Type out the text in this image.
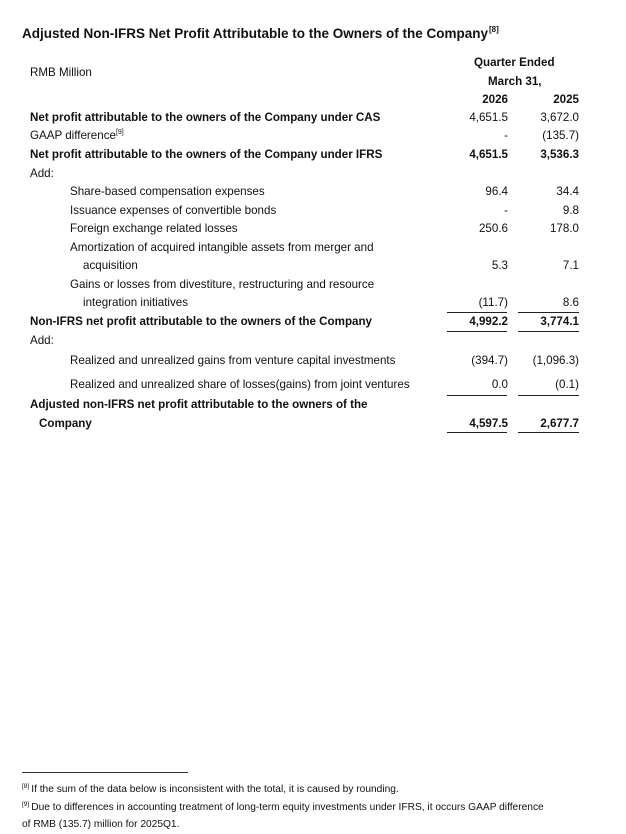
Adjusted Non-IFRS Net Profit Attributable to the Owners of the Company[8]
RMB Million
Quarter Ended
March 31,
2026	2025
Net profit attributable to the owners of the Company under CAS	4,651.5	3,672.0
GAAP difference[9]	-	(135.7)
Net profit attributable to the owners of the Company under IFRS	4,651.5	3,536.3
Add:
Share-based compensation expenses	96.4	34.4
Issuance expenses of convertible bonds	-	9.8
Foreign exchange related losses	250.6	178.0
Amortization of acquired intangible assets from merger and
acquisition	5.3	7.1
Gains or losses from divestiture, restructuring and resource
integration initiatives	(11.7)	8.6
Non-IFRS net profit attributable to the owners of the Company	4,992.2	3,774.1
Add:
Realized and unrealized gains from venture capital investments	(394.7) (1,096.3)
Realized and unrealized share of losses(gains) from joint ventures	0.0	(0.1)
Adjusted non-IFRS net profit attributable to the owners of the
Company	4,597.5	2,677.7
[8] If the sum of the data below is inconsistent with the total, it is caused by rounding.
[9] Due to differences in accounting treatment of long-term equity investments under IFRS, it occurs GAAP difference
of RMB (135.7) million for 2025Q1.
